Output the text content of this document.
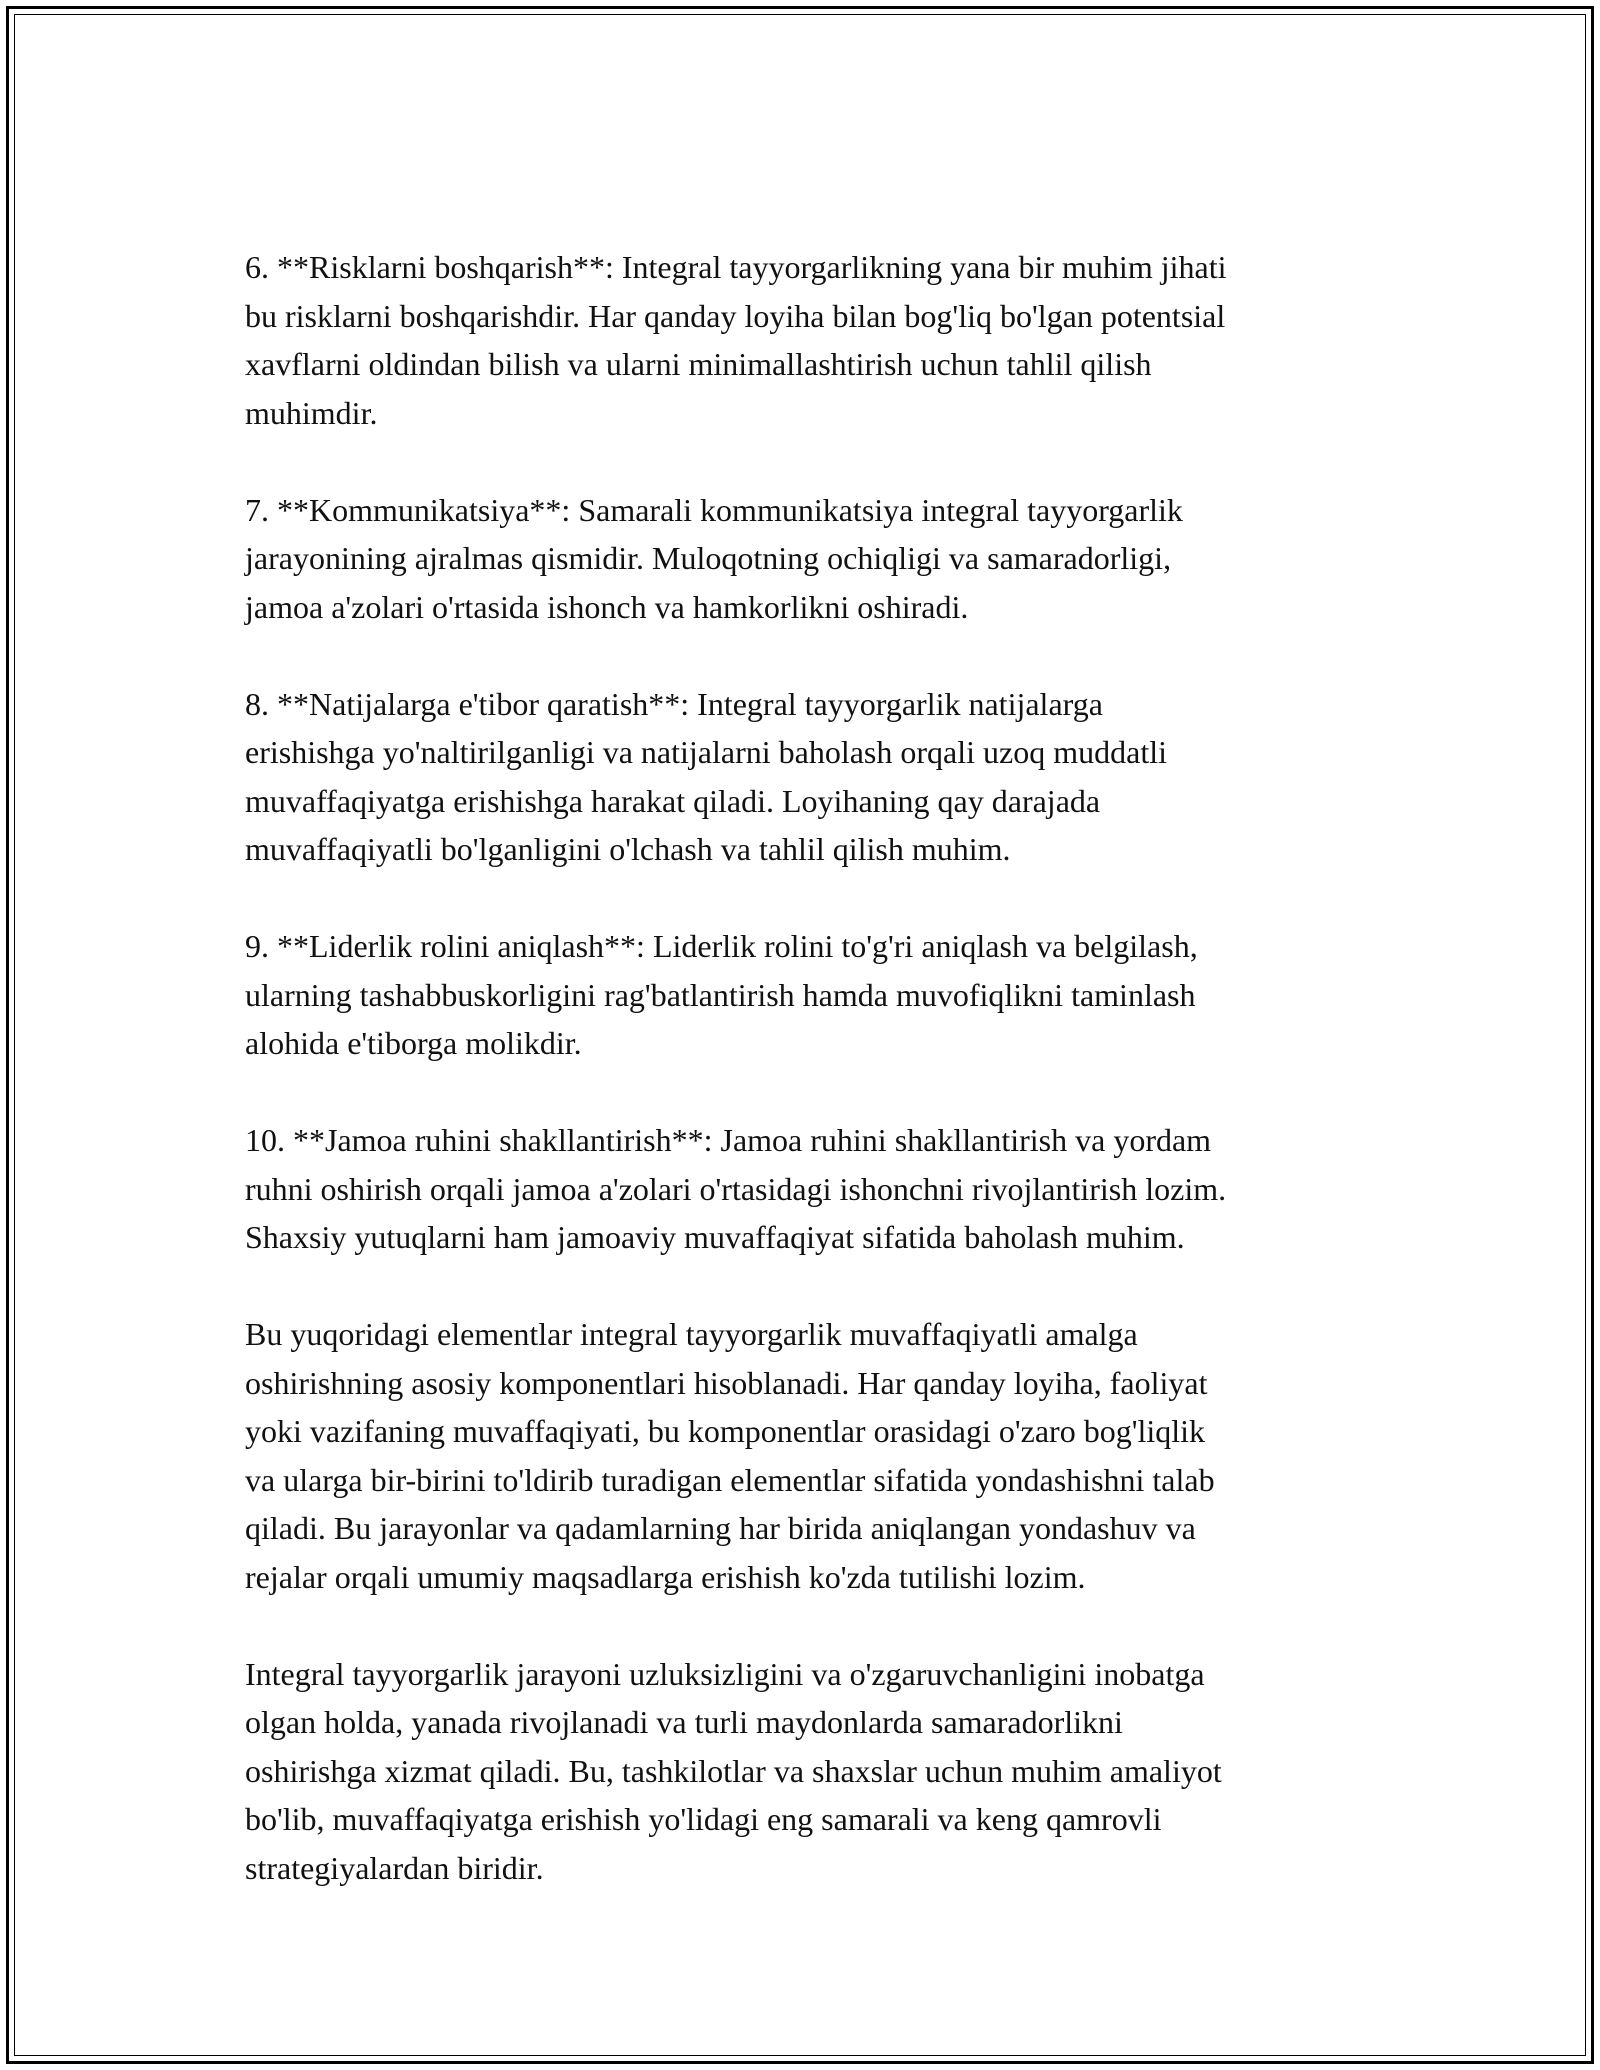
6. **Risklarni boshqarish**: Integral tayyorgarlikning yana bir muhim jihati
bu risklarni boshqarishdir. Har qanday loyiha bilan bog'liq bo'lgan potentsial
xavflarni oldindan bilish va ularni minimallashtirish uchun tahlil qilish
muhimdir.

7. **Kommunikatsiya**: Samarali kommunikatsiya integral tayyorgarlik
jarayonining ajralmas qismidir. Muloqotning ochiqligi va samaradorligi,
jamoa a'zolari o'rtasida ishonch va hamkorlikni oshiradi.

8. **Natijalarga e'tibor qaratish**: Integral tayyorgarlik natijalarga
erishishga yo'naltirilganligi va natijalarni baholash orqali uzoq muddatli
muvaffaqiyatga erishishga harakat qiladi. Loyihaning qay darajada
muvaffaqiyatli bo'lganligini o'lchash va tahlil qilish muhim.

9. **Liderlik rolini aniqlash**: Liderlik rolini to'g'ri aniqlash va belgilash,
ularning tashabbuskorligini rag'batlantirish hamda muvofiqlikni taminlash
alohida e'tiborga molikdir.

10. **Jamoa ruhini shakllantirish**: Jamoa ruhini shakllantirish va yordam
ruhni oshirish orqali jamoa a'zolari o'rtasidagi ishonchni rivojlantirish lozim.
Shaxsiy yutuqlarni ham jamoaviy muvaffaqiyat sifatida baholash muhim.

Bu yuqoridagi elementlar integral tayyorgarlik muvaffaqiyatli amalga
oshirishning asosiy komponentlari hisoblanadi. Har qanday loyiha, faoliyat
yoki vazifaning muvaffaqiyati, bu komponentlar orasidagi o'zaro bog'liqlik
va ularga bir-birini to'ldirib turadigan elementlar sifatida yondashishni talab
qiladi. Bu jarayonlar va qadamlarning har birida aniqlangan yondashuv va
rejalar orqali umumiy maqsadlarga erishish ko'zda tutilishi lozim.

Integral tayyorgarlik jarayoni uzluksizligini va o'zgaruvchanligini inobatga
olgan holda, yanada rivojlanadi va turli maydonlarda samaradorlikni
oshirishga xizmat qiladi. Bu, tashkilotlar va shaxslar uchun muhim amaliyot
bo'lib, muvaffaqiyatga erishish yo'lidagi eng samarali va keng qamrovli
strategiyalardan biridir.
